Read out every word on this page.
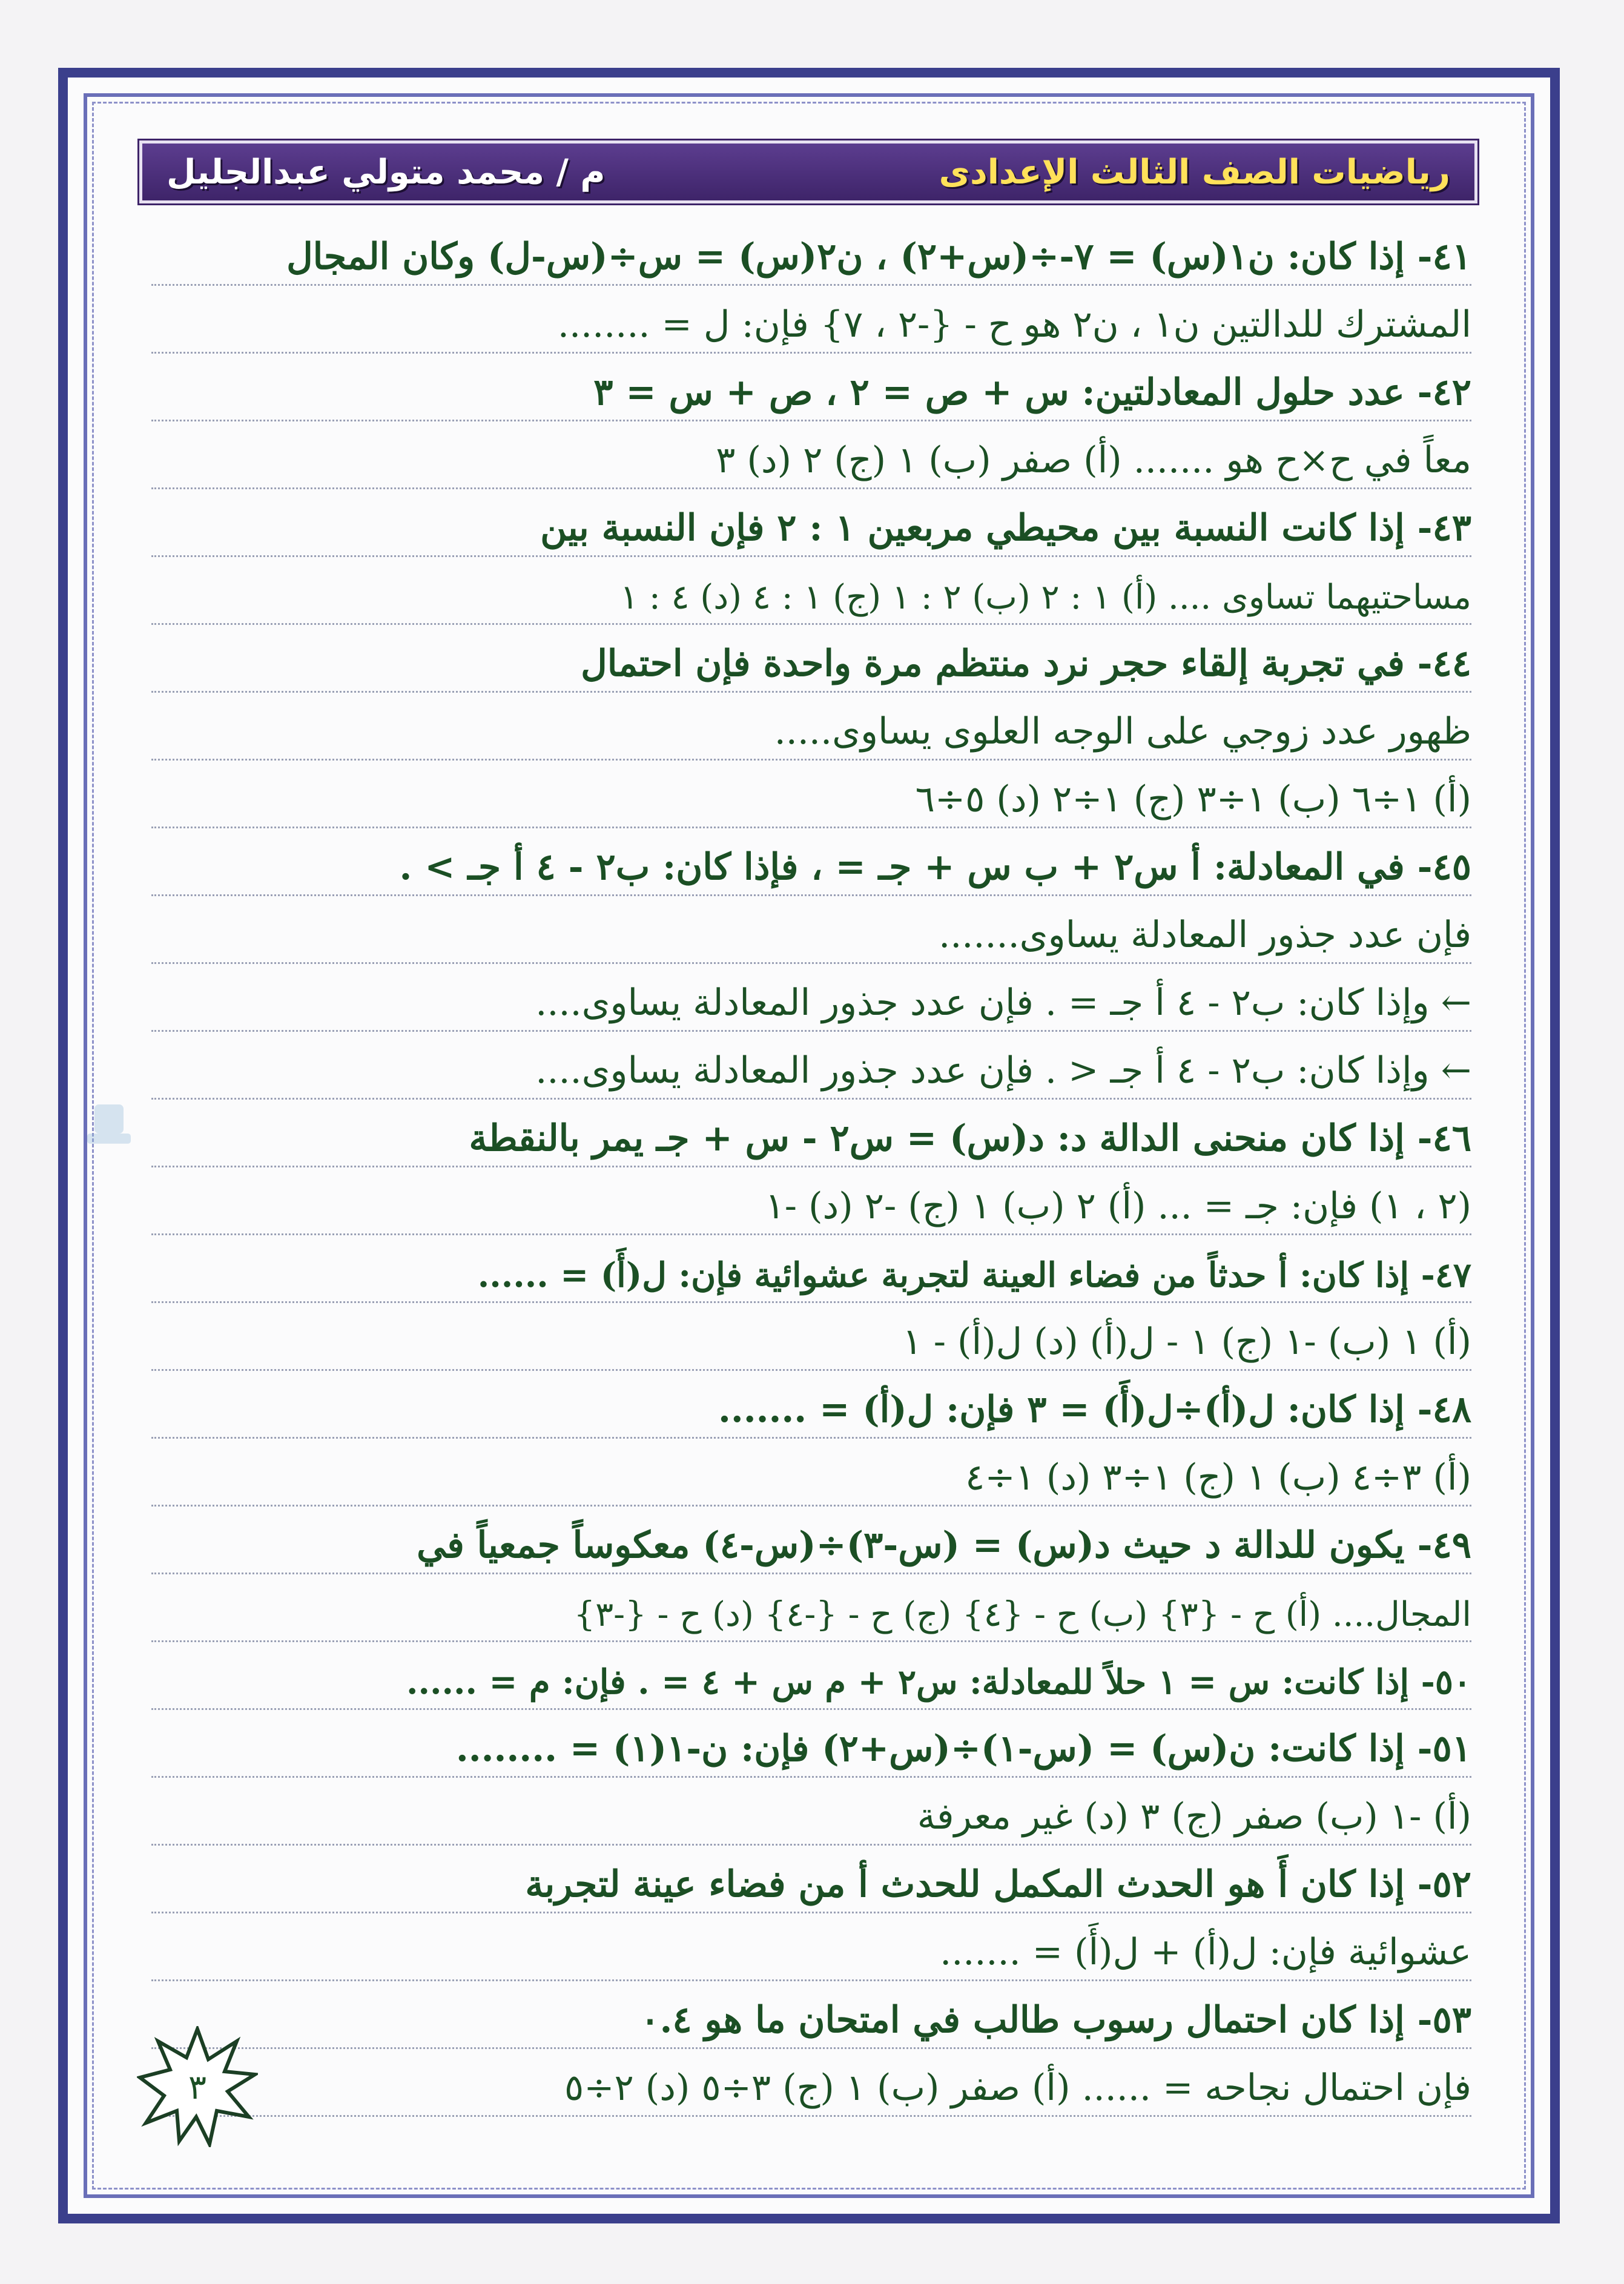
رياضيات الصف الثالث الإعدادى
م / محمد متولي عبدالجليل
٤١- إذا كان: ن١(س) = ٧-÷(س+٢) ، ن٢(س) = س÷(س-ل) وكان المجال
المشترك للدالتين ن١ ، ن٢ هو ح - {-٢ ، ٧} فإن: ل = ........
٤٢- عدد حلول المعادلتين: س + ص = ٢ ، ص + س = ٣
معاً في ح×ح هو ....... (أ) صفر (ب) ١ (ج) ٢ (د) ٣
٤٣- إذا كانت النسبة بين محيطي مربعين ١ : ٢ فإن النسبة بين
مساحتيهما تساوى .... (أ) ١ : ٢ (ب) ٢ : ١ (ج) ١ : ٤ (د) ٤ : ١
٤٤- في تجربة إلقاء حجر نرد منتظم مرة واحدة فإن احتمال
ظهور عدد زوجي على الوجه العلوى يساوى.....
(أ) ١÷٦ (ب) ١÷٣ (ج) ١÷٢ (د) ٥÷٦
٤٥- في المعادلة: أ س٢ + ب س + جـ = ، فإذا كان: ب٢ - ٤ أ جـ > .
فإن عدد جذور المعادلة يساوى.......
← وإذا كان: ب٢ - ٤ أ جـ = . فإن عدد جذور المعادلة يساوى....
← وإذا كان: ب٢ - ٤ أ جـ < . فإن عدد جذور المعادلة يساوى....
٤٦- إذا كان منحنى الدالة د: د(س) = س٢ - س + جـ يمر بالنقطة
(٢ ، ١) فإن: جـ = ... (أ) ٢ (ب) ١ (ج) -٢ (د) -١
٤٧- إذا كان: أ حدثاً من فضاء العينة لتجربة عشوائية فإن: ل(أَ) = ......
(أ) ١ (ب) -١ (ج) ١ - ل(أ) (د) ل(أ) - ١
٤٨- إذا كان: ل(أ)÷ل(أَ) = ٣ فإن: ل(أ) = .......
(أ) ٣÷٤ (ب) ١ (ج) ١÷٣ (د) ١÷٤
٤٩- يكون للدالة د حيث د(س) = (س-٣)÷(س-٤) معكوساً جمعياً في
المجال.... (أ) ح - {٣} (ب) ح - {٤} (ج) ح - {-٤} (د) ح - {-٣}
٥٠- إذا كانت: س = ١ حلاً للمعادلة: س٢ + م س + ٤ = . فإن: م = ......
٥١- إذا كانت: ن(س) = (س-١)÷(س+٢) فإن: ن-١(١) = ........
(أ) -١ (ب) صفر (ج) ٣ (د) غير معرفة
٥٢- إذا كان أَ هو الحدث المكمل للحدث أ من فضاء عينة لتجربة
عشوائية فإن: ل(أ) + ل(أَ) = .......
٥٣- إذا كان احتمال رسوب طالب في امتحان ما هو ٠.٤
فإن احتمال نجاحه = ...... (أ) صفر (ب) ١ (ج) ٣÷٥ (د) ٢÷٥
٣
